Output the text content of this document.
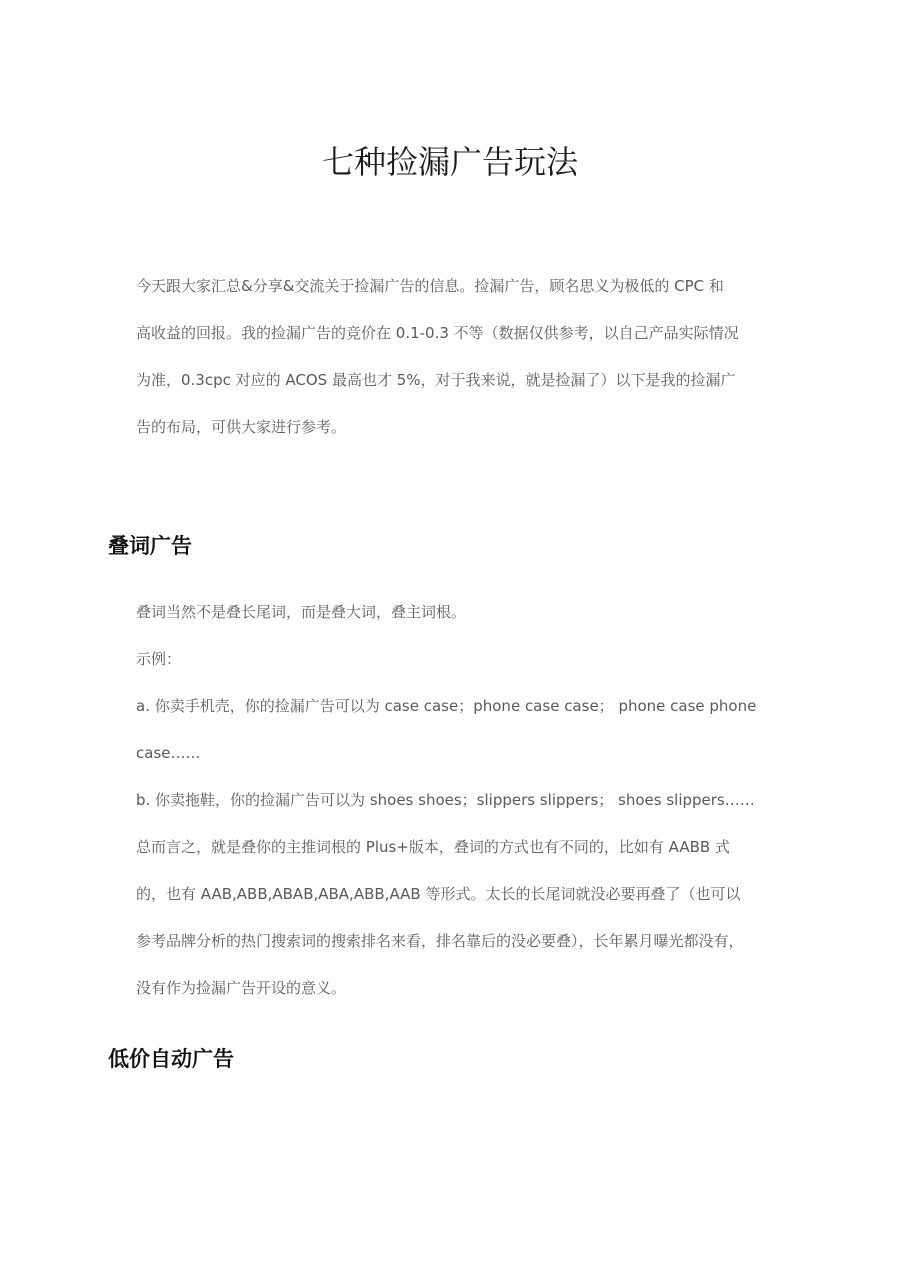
七种捡漏广告玩法
今天跟大家汇总&分享&交流关于捡漏广告的信息。捡漏广告，顾名思义为极低的 CPC 和
高收益的回报。我的捡漏广告的竞价在 0.1-0.3 不等（数据仅供参考，以自己产品实际情况
为准，0.3cpc 对应的 ACOS 最高也才 5%，对于我来说，就是捡漏了）以下是我的捡漏广
告的布局，可供大家进行参考。
叠词广告
叠词当然不是叠长尾词，而是叠大词，叠主词根。
示例：
a. 你卖手机壳，你的捡漏广告可以为 case case；phone case case； phone case phone
case……
b. 你卖拖鞋，你的捡漏广告可以为 shoes shoes；slippers slippers； shoes slippers……
总而言之，就是叠你的主推词根的 Plus+版本，叠词的方式也有不同的，比如有 AABB 式
的，也有 AAB,ABB,ABAB,ABA,ABB,AAB 等形式。太长的长尾词就没必要再叠了（也可以
参考品牌分析的热门搜索词的搜索排名来看，排名靠后的没必要叠），长年累月曝光都没有，
没有作为捡漏广告开设的意义。
低价自动广告
